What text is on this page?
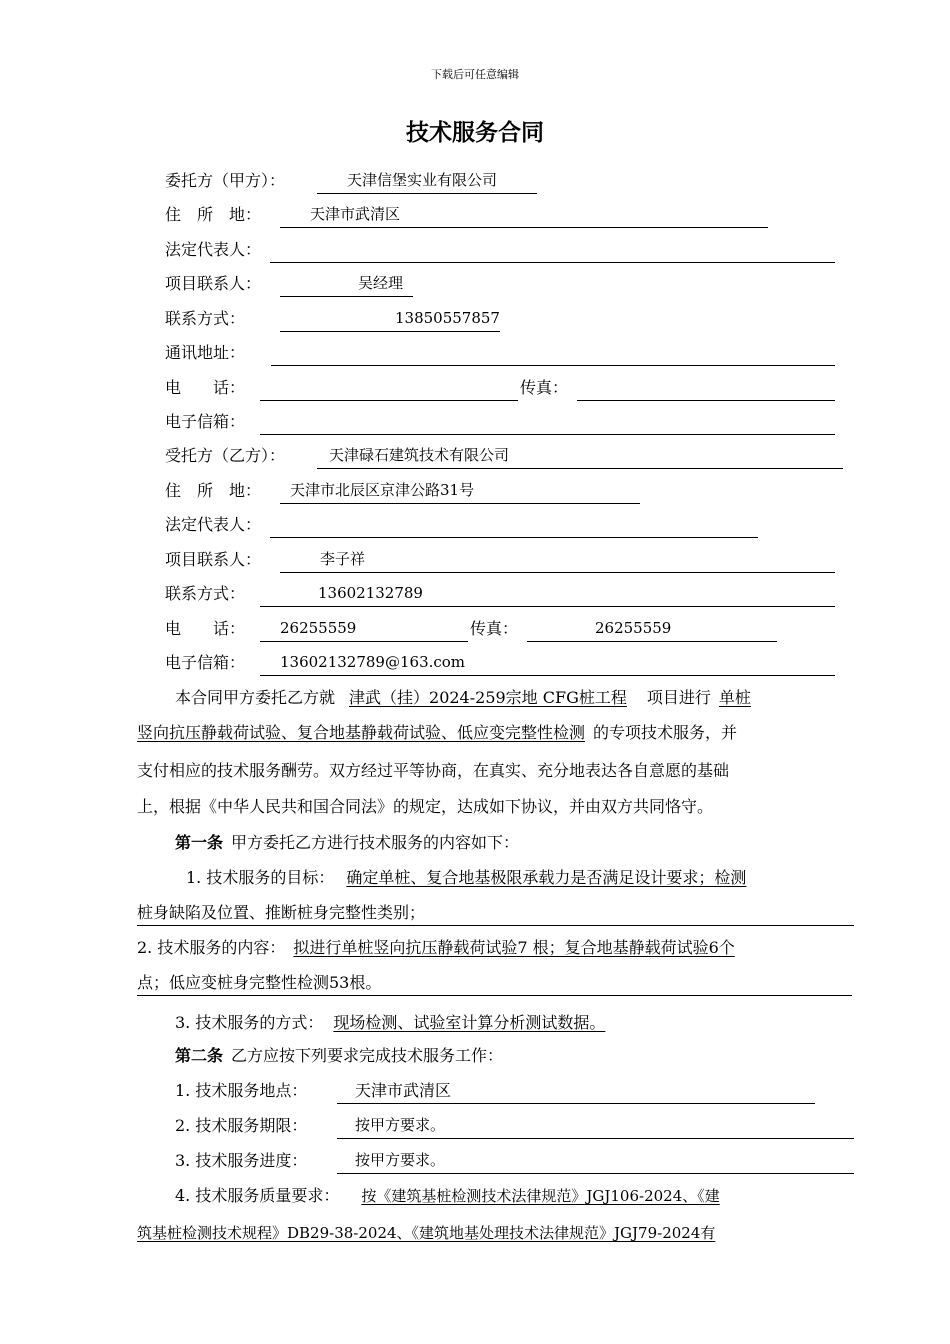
下载后可任意编辑
技术服务合同
委托方（甲方）：	天津信堡实业有限公司
住　所　地：	天津市武清区
法定代表人：
项目联系人：	吴经理
联系方式：	13850557857
通讯地址：
电　　话：	传真：
电子信箱：
受托方（乙方）：	天津碌石建筑技术有限公司
住　所　地： 天津市北辰区京津公路31号
法定代表人：
项目联系人：	李子祥
联系方式：	13602132789
电　　话： 26255559	传真：	26255559
电子信箱： 13602132789@163.com
本合同甲方委托乙方就 津武（挂）2024-259宗地 CFG桩工程 项目进行 单桩
竖向抗压静载荷试验、复合地基静载荷试验、低应变完整性检测 的专项技术服务，并
支付相应的技术服务酬劳。双方经过平等协商，在真实、充分地表达各自意愿的基础
上，根据《中华人民共和国合同法》的规定，达成如下协议，并由双方共同恪守。
第一条 甲方委托乙方进行技术服务的内容如下：
1. 技术服务的目标： 确定单桩、复合地基极限承载力是否满足设计要求；检测
桩身缺陷及位置、推断桩身完整性类别；
2. 技术服务的内容： 拟进行单桩竖向抗压静载荷试验7 根；复合地基静载荷试验6个
点；低应变桩身完整性检测53根。
3. 技术服务的方式： 现场检测、试验室计算分析测试数据。
第二条 乙方应按下列要求完成技术服务工作：
1. 技术服务地点：	天津市武清区
2. 技术服务期限：	按甲方要求。
3. 技术服务进度：	按甲方要求。
4. 技术服务质量要求： 按《建筑基桩检测技术法律规范》JGJ106-2024、《建
筑基桩检测技术规程》DB29-38-2024、《建筑地基处理技术法律规范》JGJ79-2024有
